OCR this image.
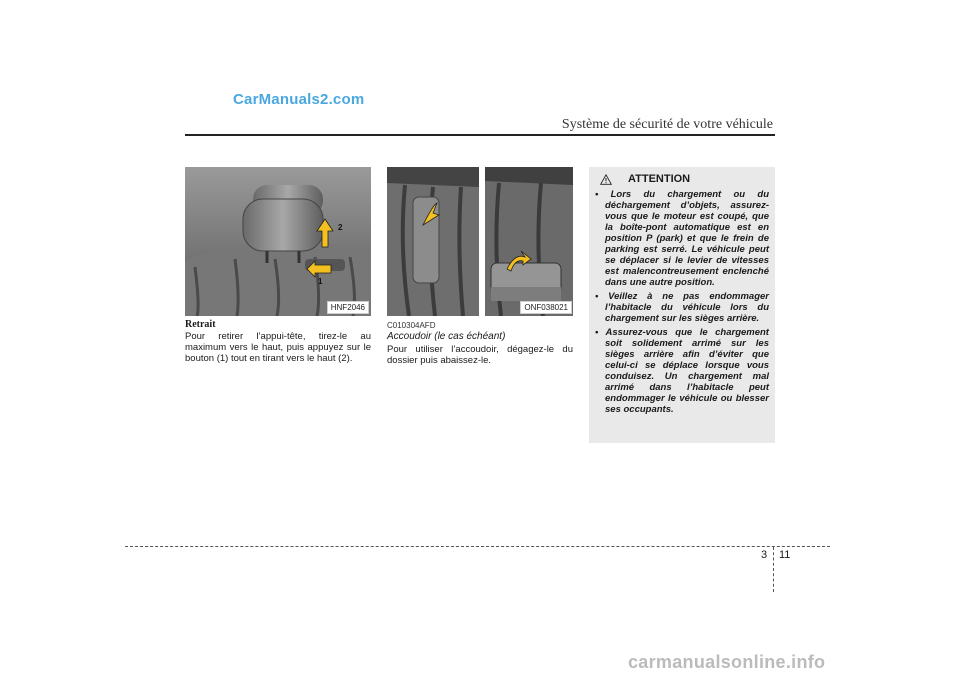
CarManuals2.com
Système de sécurité de votre véhicule
1
2
HNF2046
Retrait
Pour retirer l’appui-tête, tirez-le au maximum vers le haut, puis appuyez sur le bouton (1) tout en tirant vers le haut (2).
ONF038021
C010304AFD
Accoudoir (le cas échéant)
Pour utiliser l’accoudoir, dégagez-le du dossier puis abaissez-le.
ATTENTION
• Lors du chargement ou du déchargement d’objets, assurez-vous que le moteur est coupé, que la boîte-pont automatique est en position P (park) et que le frein de parking est serré. Le véhicule peut se déplacer si le levier de vitesses est malencontreusement enclenché dans une autre position.
• Veillez à ne pas endommager l’habitacle du véhicule lors du chargement sur les sièges arrière.
• Assurez-vous que le chargement soit solidement arrimé sur les sièges arrière afin d’éviter que celui-ci se déplace lorsque vous conduisez. Un chargement mal arrimé dans l’habitacle peut endommager le véhicule ou blesser ses occupants.
3 11
carmanualsonline.info
